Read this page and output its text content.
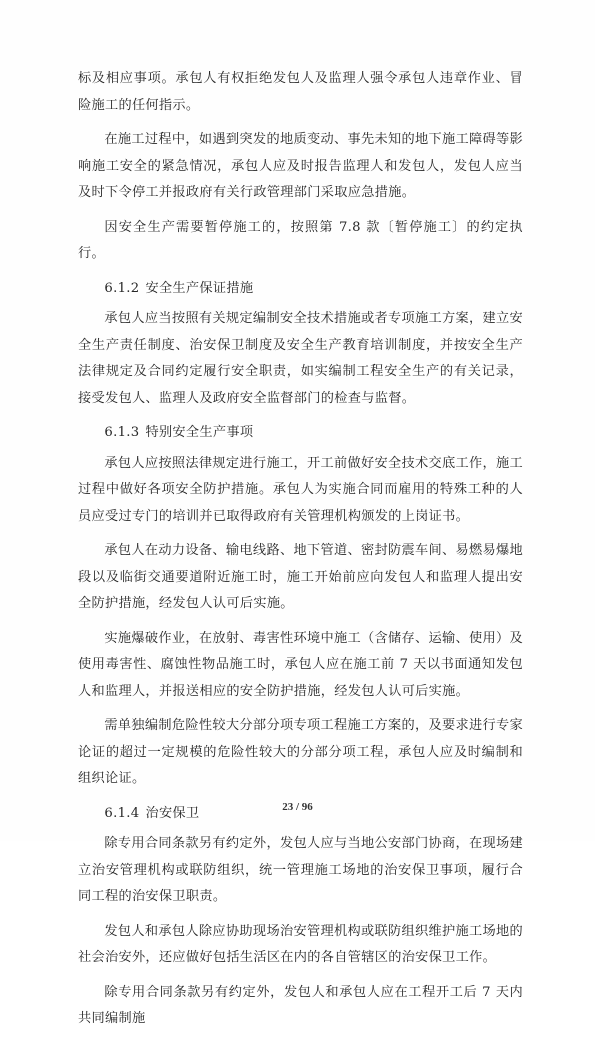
标及相应事项。承包人有权拒绝发包人及监理人强令承包人违章作业、冒险施工的任何指示。

在施工过程中，如遇到突发的地质变动、事先未知的地下施工障碍等影响施工安全的紧急情况，承包人应及时报告监理人和发包人，发包人应当及时下令停工并报政府有关行政管理部门采取应急措施。

因安全生产需要暂停施工的，按照第 7.8 款〔暂停施工〕的约定执行。

6.1.2 安全生产保证措施

承包人应当按照有关规定编制安全技术措施或者专项施工方案，建立安全生产责任制度、治安保卫制度及安全生产教育培训制度，并按安全生产法律规定及合同约定履行安全职责，如实编制工程安全生产的有关记录，接受发包人、监理人及政府安全监督部门的检查与监督。

6.1.3 特别安全生产事项

承包人应按照法律规定进行施工，开工前做好安全技术交底工作，施工过程中做好各项安全防护措施。承包人为实施合同而雇用的特殊工种的人员应受过专门的培训并已取得政府有关管理机构颁发的上岗证书。

承包人在动力设备、输电线路、地下管道、密封防震车间、易燃易爆地段以及临街交通要道附近施工时，施工开始前应向发包人和监理人提出安全防护措施，经发包人认可后实施。

实施爆破作业，在放射、毒害性环境中施工（含储存、运输、使用）及使用毒害性、腐蚀性物品施工时，承包人应在施工前 7 天以书面通知发包人和监理人，并报送相应的安全防护措施，经发包人认可后实施。

需单独编制危险性较大分部分项专项工程施工方案的，及要求进行专家论证的超过一定规模的危险性较大的分部分项工程，承包人应及时编制和组织论证。

6.1.4 治安保卫

除专用合同条款另有约定外，发包人应与当地公安部门协商，在现场建立治安管理机构或联防组织，统一管理施工场地的治安保卫事项，履行合同工程的治安保卫职责。

发包人和承包人除应协助现场治安管理机构或联防组织维护施工场地的社会治安外，还应做好包括生活区在内的各自管辖区的治安保卫工作。

除专用合同条款另有约定外，发包人和承包人应在工程开工后 7 天内共同编制施

23 / 96
